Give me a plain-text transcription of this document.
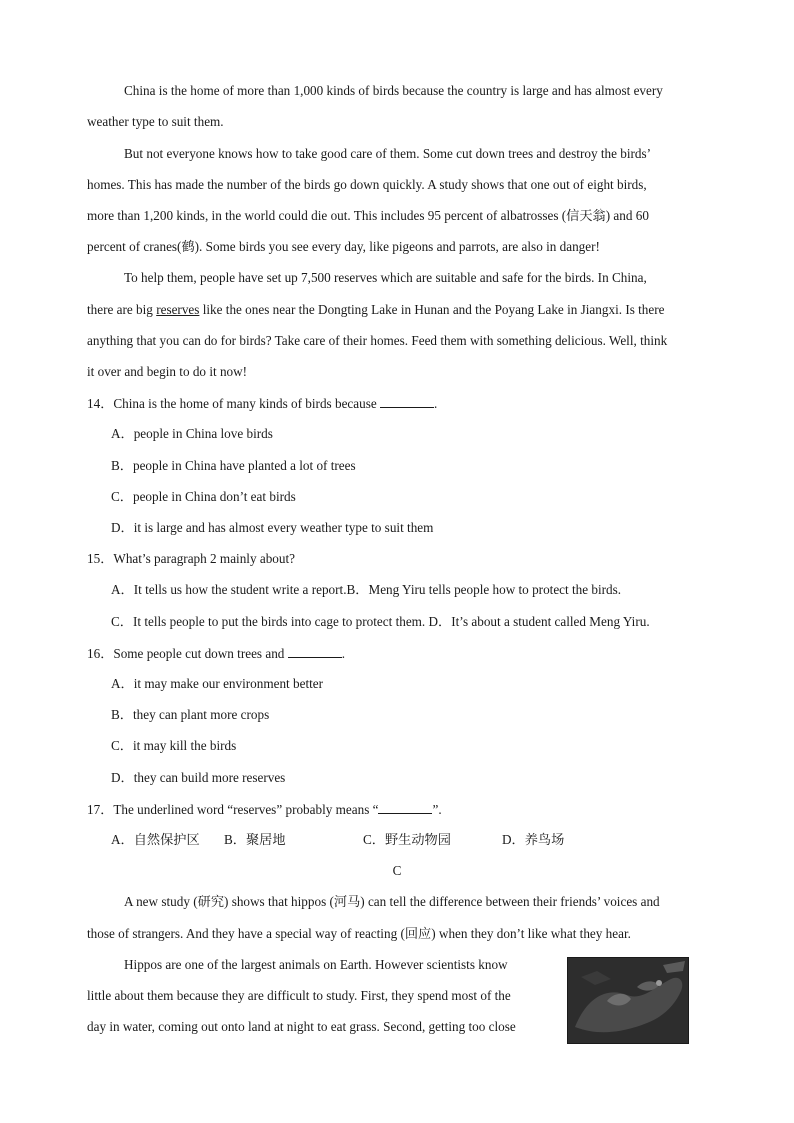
China is the home of more than 1,000 kinds of birds because the country is large and has almost every
weather type to suit them.
But not everyone knows how to take good care of them. Some cut down trees and destroy the birds’
homes. This has made the number of the birds go down quickly. A study shows that one out of eight birds,
more than 1,200 kinds, in the world could die out. This includes 95 percent of albatrosses (信天翁) and 60
percent of cranes(鹤). Some birds you see every day, like pigeons and parrots, are also in danger!
To help them, people have set up 7,500 reserves which are suitable and safe for the birds. In China,
there are big reserves like the ones near the Dongting Lake in Hunan and the Poyang Lake in Jiangxi. Is there
anything that you can do for birds? Take care of their homes. Feed them with something delicious. Well, think
it over and begin to do it now!
14．China is the home of many kinds of birds because	.
A．people in China love birds
B．people in China have planted a lot of trees
C．people in China don’t eat birds
D．it is large and has almost every weather type to suit them
15．What’s paragraph 2 mainly about?
A．It tells us how the student write a report.B．Meng Yiru tells people how to protect the birds.
C．It tells people to put the birds into cage to protect them. D．It’s about a student called Meng Yiru.
16．Some people cut down trees and	.
A．it may make our environment better
B．they can plant more crops
C．it may kill the birds
D．they can build more reserves
17．The underlined word “reserves” probably means “	”.
A．自然保护区 B．聚居地	C．野生动物园	D．养鸟场
C
A new study (研究) shows that hippos (河马) can tell the difference between their friends’ voices and
those of strangers. And they have a special way of reacting (回应) when they don’t like what they hear.
Hippos are one of the largest animals on Earth. However scientists know
little about them because they are difficult to study. First, they spend most of the
day in water, coming out onto land at night to eat grass. Second, getting too close
